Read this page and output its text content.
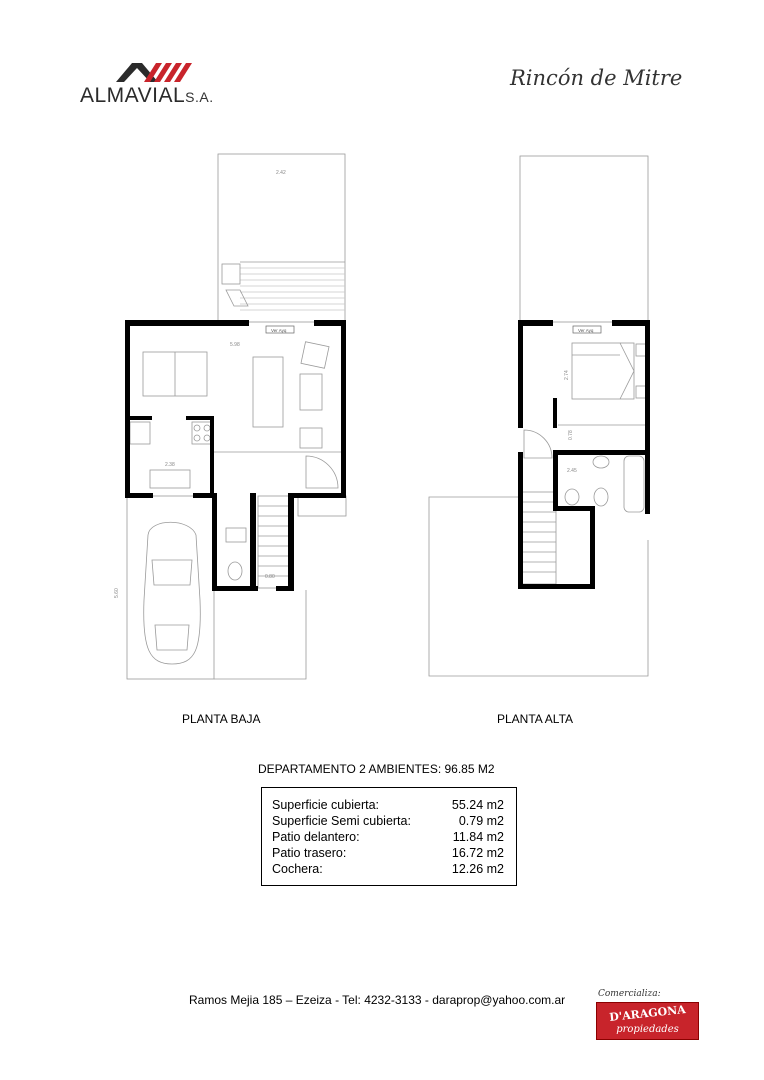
ALMAVIALS.A.
Rincón de Mitre
Ver Ayq	Ver Ayq
2.42
5.98
2.38
0.80
5.60
2.74
0.78
2.45
PLANTA BAJA	PLANTA ALTA
DEPARTAMENTO 2 AMBIENTES: 96.85 M2
Superficie cubierta:	55.24 m2
Superficie Semi cubierta:	0.79 m2
Patio delantero:	11.84 m2
Patio trasero:	16.72 m2
Cochera:	12.26 m2
Ramos Mejia 185 – Ezeiza - Tel: 4232-3133 - daraprop@yahoo.com.ar	Comercializa:
D'ARAGONA
propiedades
